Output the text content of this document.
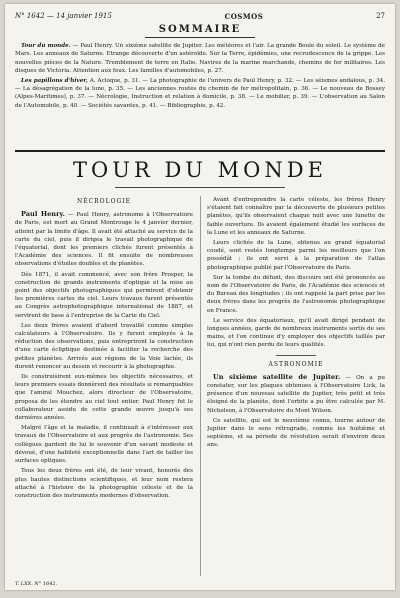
N° 1642 — 14 janvier 1915	COSMOS	27
SOMMAIRE

Tour du monde. — Paul Henry. Un sixième satellite de Jupiter. Les météores et l'air. La grande Boule du soleil. Le système de Mars. Les anneaux de Saturne. Etrange découverte d'un astéroïde. Sur la Terre, épidémies, une recrudescence de la grippe. Les nouvelles pièces de la Nature. Tremblement de terre en Italie. Navires de la marine marchande, chemins de fer militaires. Les disques de Victoria. Attention aux feux. Les familles d'automobiles, p. 27.

Les papillons d'hiver, A. Acloque, p. 31. — La photographie de l'univers de Paul Henry, p. 32. — Les séismes andalous, p. 34. — La désagrégation de la lune, p. 35. — Les anciennes routes du chemin de fer métropolitain, p. 36. — Le nouveau de Bossey (Alpes-Maritimes), p. 37. — Nécrologie, Instruction et relation à domicile, p. 38. — Le mobilier, p. 39. — L'observation au Salon de l'Automobile, p. 40. — Sociétés savantes, p. 41. — Bibliographie, p. 42.

TOUR DU MONDE

NÉCROLOGIE

Paul Henry. — Paul Henry, astronome à l'Observatoire de Paris, est mort au Grand Montrouge le 4 janvier dernier, atteint par la limite d'âge. Il avait été attaché au service de la carte du ciel, puis il dirigea le travail photographique de l'équatorial, dont les premiers clichés furent présentés à l'Académie des sciences. Il fit ensuite de nombreuses observations d'étoiles doubles et de planètes.

Dès 1871, il avait commencé, avec son frère Prosper, la construction de grands instruments d'optique et la mise au point des objectifs photographiques qui permirent d'obtenir les premières cartes du ciel. Leurs travaux furent présentés au Congrès astrophotographique international de 1887, et servirent de base à l'entreprise de la Carte du Ciel.

Les deux frères avaient d'abord travaillé comme simples calculateurs à l'Observatoire. Ils y furent employés à la réduction des observations, puis entreprirent la construction d'une carte écliptique destinée à faciliter la recherche des petites planètes. Arrivés aux régions de la Voie lactée, ils durent renoncer au dessin et recourir à la photographie.

Ils construisirent eux-mêmes les objectifs nécessaires, et leurs premiers essais donnèrent des résultats si remarquables que l'amiral Mouchez, alors directeur de l'Observatoire, proposa de les étendre au ciel tout entier. Paul Henry fut le collaborateur assidu de cette grande œuvre jusqu'à ses dernières années.

Malgré l'âge et la maladie, il continuait à s'intéresser aux travaux de l'Observatoire et aux progrès de l'astronomie. Ses collègues gardent de lui le souvenir d'un savant modeste et dévoué, d'une habileté exceptionnelle dans l'art de tailler les surfaces optiques.

Tous les deux frères ont été, de leur vivant, honorés des plus hautes distinctions scientifiques, et leur nom restera attaché à l'histoire de la photographie céleste et de la construction des instruments modernes d'observation.

Avant d'entreprendre la carte céleste, les frères Henry s'étaient fait connaître par la découverte de plusieurs petites planètes, qu'ils observaient chaque nuit avec une lunette de faible ouverture. Ils avaient également étudié les surfaces de la Lune et les anneaux de Saturne.

Leurs clichés de la Lune, obtenus au grand équatorial coudé, sont restés longtemps parmi les meilleurs que l'on possédât ; ils ont servi à la préparation de l'atlas photographique publié par l'Observatoire de Paris.

Sur la tombe du défunt, des discours ont été prononcés au nom de l'Observatoire de Paris, de l'Académie des sciences et du Bureau des longitudes ; ils ont rappelé la part prise par les deux frères dans les progrès de l'astronomie photographique en France.

Le service des équatoriaux, qu'il avait dirigé pendant de longues années, garde de nombreux instruments sortis de ses mains, et l'on continue d'y employer des objectifs taillés par lui, qui n'ont rien perdu de leurs qualités.

ASTRONOMIE

Un sixième satellite de Jupiter. — On a pu constater, sur les plaques obtenues à l'Observatoire Lick, la présence d'un nouveau satellite de Jupiter, très petit et très éloigné de la planète, dont l'orbite a pu être calculée par M. Nicholson, à l'Observatoire du Mont Wilson.

Ce satellite, qui est le neuvième connu, tourne autour de Jupiter dans le sens rétrograde, comme les huitième et septième, et sa période de révolution serait d'environ deux ans.

T. LXX. N° 1642.
